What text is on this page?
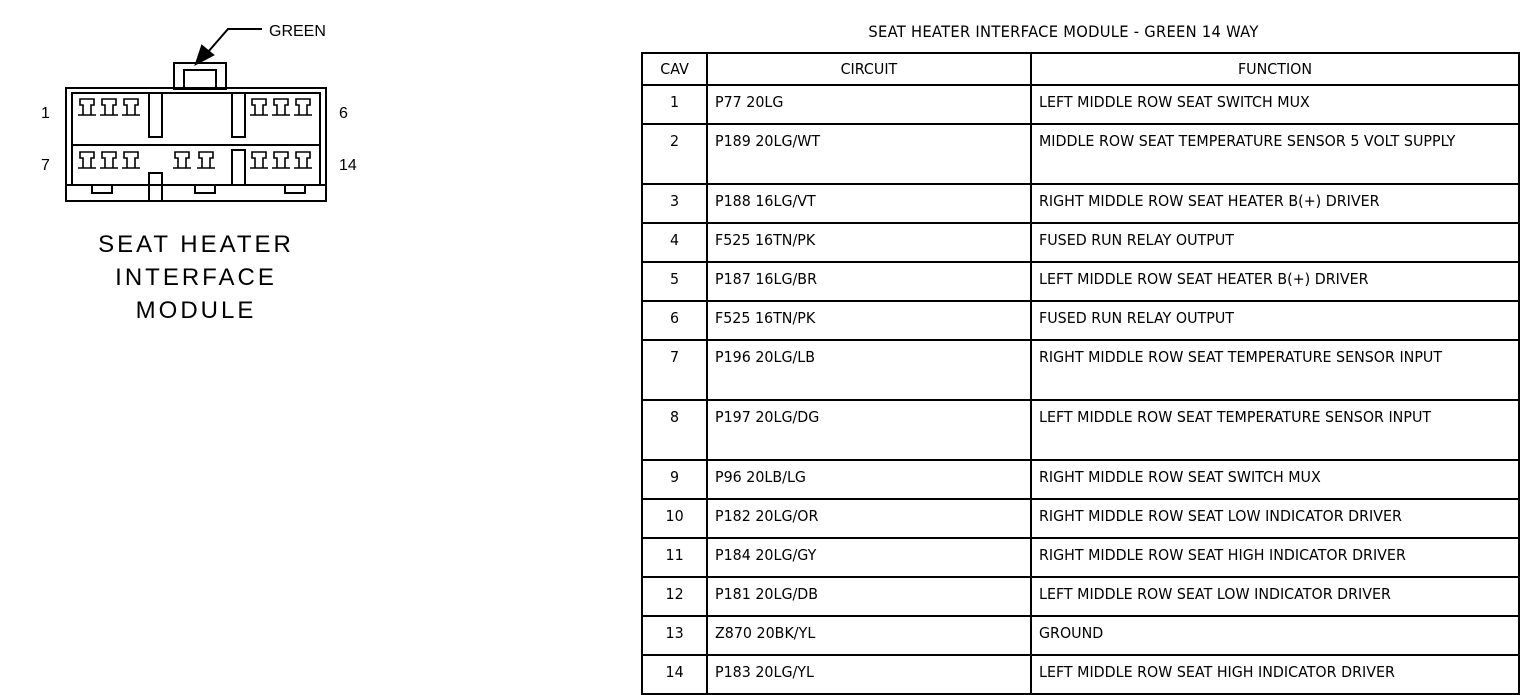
GREEN
1	6
7	14
SEAT HEATER
INTERFACE
MODULE
SEAT HEATER INTERFACE MODULE - GREEN 14 WAY
CAV	CIRCUIT	FUNCTION

1	P77 20LG	LEFT MIDDLE ROW SEAT SWITCH MUX

2	P189 20LG/WT	MIDDLE ROW SEAT TEMPERATURE SENSOR 5 VOLT SUPPLY

3	P188 16LG/VT	RIGHT MIDDLE ROW SEAT HEATER B(+) DRIVER

4	F525 16TN/PK	FUSED RUN RELAY OUTPUT

5	P187 16LG/BR	LEFT MIDDLE ROW SEAT HEATER B(+) DRIVER

6	F525 16TN/PK	FUSED RUN RELAY OUTPUT

7	P196 20LG/LB	RIGHT MIDDLE ROW SEAT TEMPERATURE SENSOR INPUT

8	P197 20LG/DG	LEFT MIDDLE ROW SEAT TEMPERATURE SENSOR INPUT

9	P96 20LB/LG	RIGHT MIDDLE ROW SEAT SWITCH MUX

10	P182 20LG/OR	RIGHT MIDDLE ROW SEAT LOW INDICATOR DRIVER

11	P184 20LG/GY	RIGHT MIDDLE ROW SEAT HIGH INDICATOR DRIVER

12	P181 20LG/DB	LEFT MIDDLE ROW SEAT LOW INDICATOR DRIVER

13	Z870 20BK/YL	GROUND

14	P183 20LG/YL	LEFT MIDDLE ROW SEAT HIGH INDICATOR DRIVER
